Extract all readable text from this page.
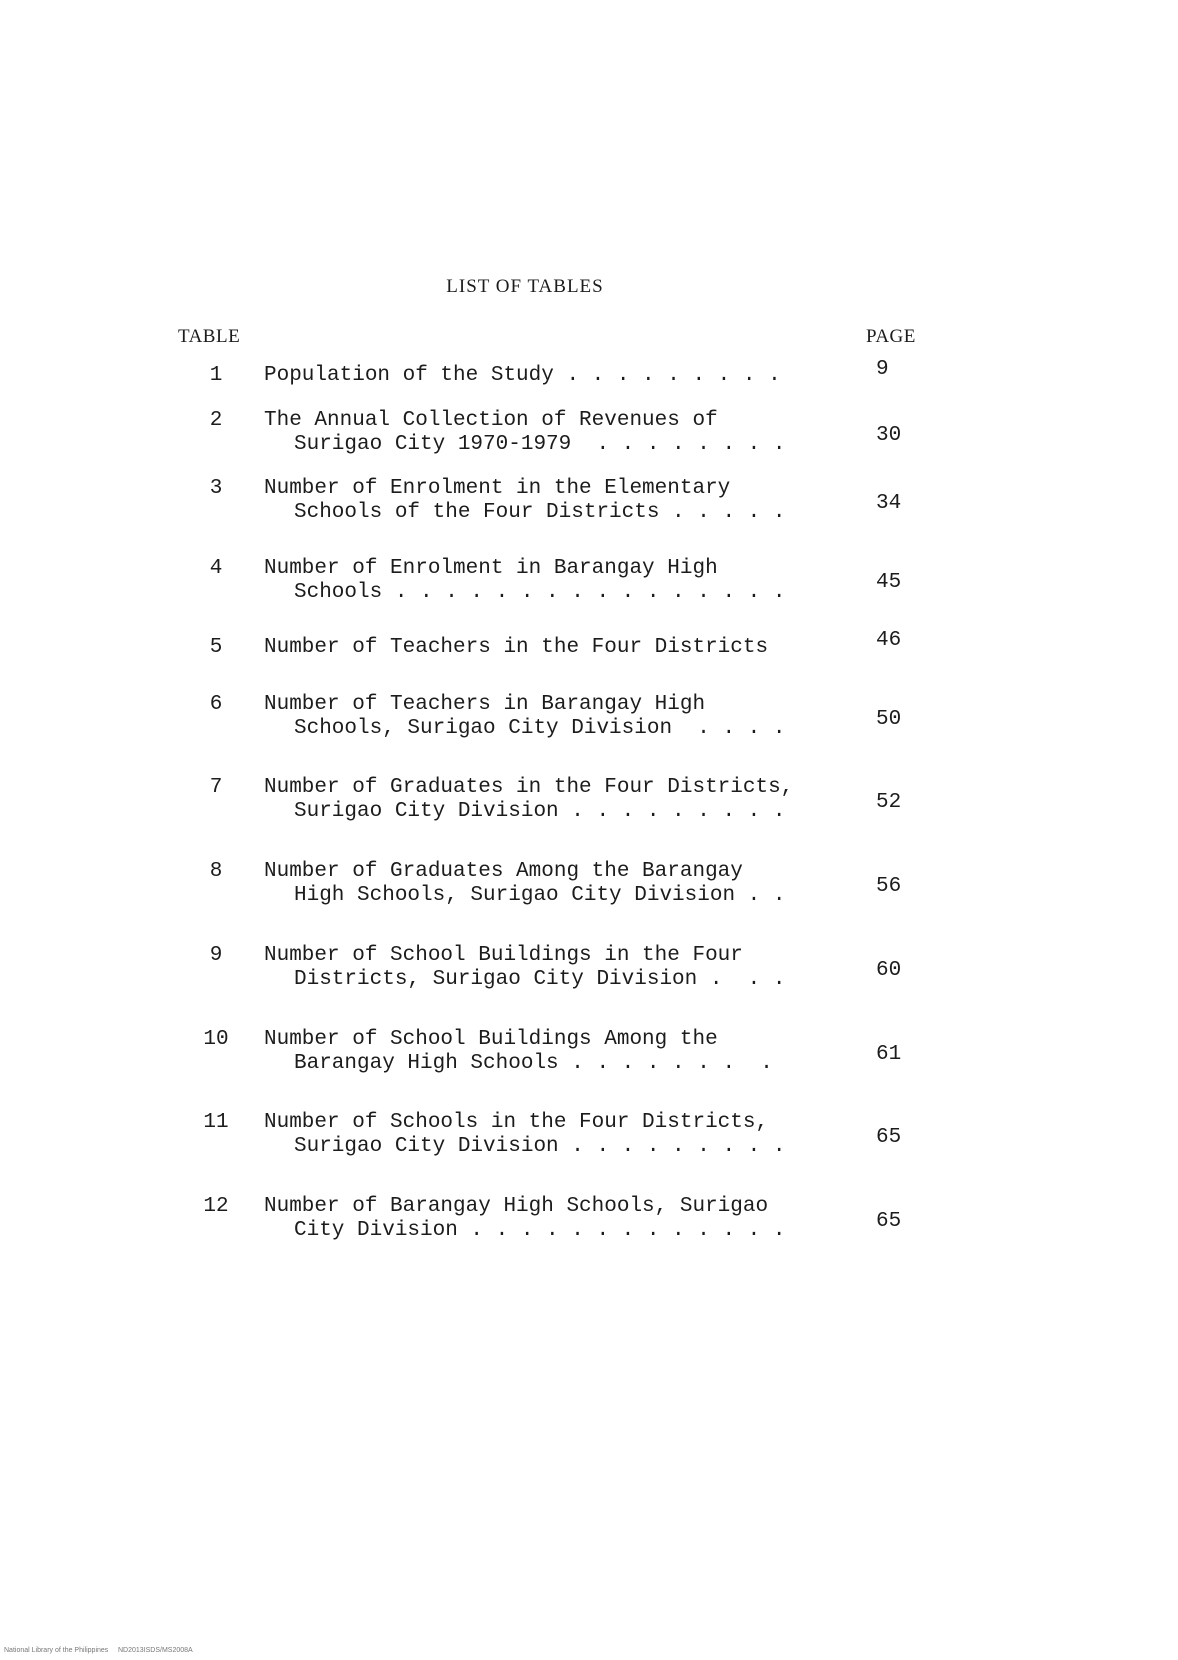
LIST OF TABLES
TABLE	PAGE
1	Population of the Study . . . . . . . . .	9
2	The Annual Collection of Revenues of
Surigao City 1970-1979  . . . . . . . .	30
3	Number of Enrolment in the Elementary
Schools of the Four Districts . . . . .	34
4	Number of Enrolment in Barangay High
Schools . . . . . . . . . . . . . . . .	45
5	Number of Teachers in the Four Districts	46
6	Number of Teachers in Barangay High
Schools, Surigao City Division  . . . .	50
7	Number of Graduates in the Four Districts,
Surigao City Division . . . . . . . . .	52
8	Number of Graduates Among the Barangay
High Schools, Surigao City Division . .	56
9	Number of School Buildings in the Four
Districts, Surigao City Division .  . .	60
10	Number of School Buildings Among the
Barangay High Schools . . . . . . .  .	61
11	Number of Schools in the Four Districts,
Surigao City Division . . . . . . . . .	65
12	Number of Barangay High Schools, Surigao
City Division . . . . . . . . . . . . .	65
National Library of the Philippines     ND2013ISDS/MS2008A
